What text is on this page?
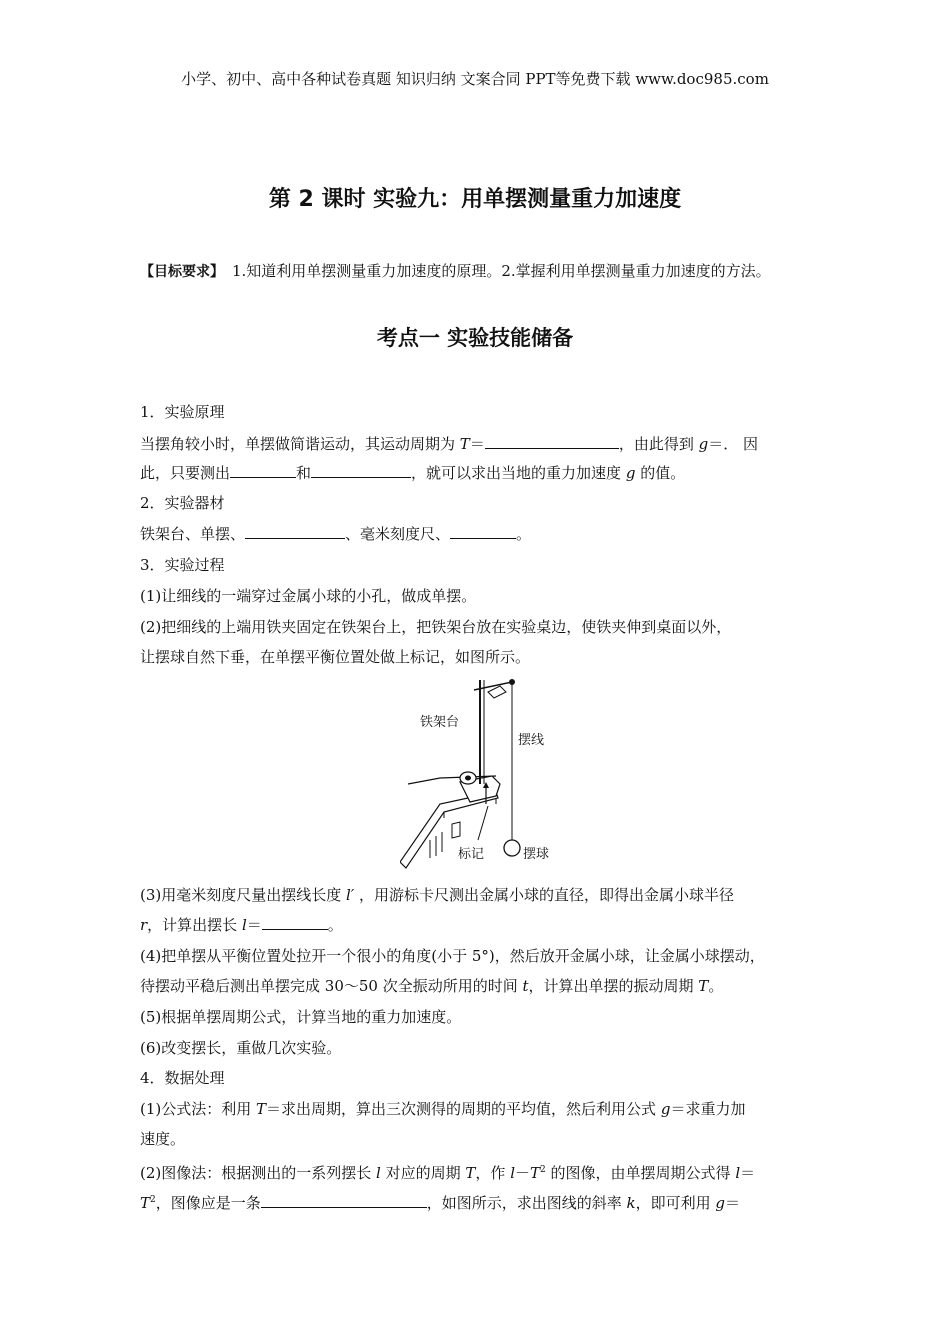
小学、初中、高中各种试卷真题 知识归纳 文案合同 PPT等免费下载 www.doc985.com
第 2 课时 实验九：用单摆测量重力加速度
【目标要求】 1.知道利用单摆测量重力加速度的原理。2.掌握利用单摆测量重力加速度的方法。
考点一 实验技能储备
1．实验原理
当摆角较小时，单摆做简谐运动，其运动周期为 T＝	，由此得到 g＝． 因
此，只要测出	和	，就可以求出当地的重力加速度 g 的值。
2．实验器材
铁架台、单摆、	、毫米刻度尺、	。
3．实验过程
(1)让细线的一端穿过金属小球的小孔，做成单摆。
(2)把细线的上端用铁夹固定在铁架台上，把铁架台放在实验桌边，使铁夹伸到桌面以外，
让摆球自然下垂，在单摆平衡位置处做上标记，如图所示。
铁架台
摆线
标记	摆球
(3)用毫米刻度尺量出摆线长度 l′ ，用游标卡尺测出金属小球的直径，即得出金属小球半径
r，计算出摆长 l＝	。
(4)把单摆从平衡位置处拉开一个很小的角度(小于 5°)，然后放开金属小球，让金属小球摆动，
待摆动平稳后测出单摆完成 30～50 次全振动所用的时间 t，计算出单摆的振动周期 T。
(5)根据单摆周期公式，计算当地的重力加速度。
(6)改变摆长，重做几次实验。
4．数据处理
(1)公式法：利用 T＝求出周期，算出三次测得的周期的平均值，然后利用公式 g＝求重力加
速度。
(2)图像法：根据测出的一系列摆长 l 对应的周期 T，作 $l-T^2$ 的图像，由单摆周期公式得 l＝
$T^2$，图像应是一条	，如图所示，求出图线的斜率 k，即可利用 g＝
